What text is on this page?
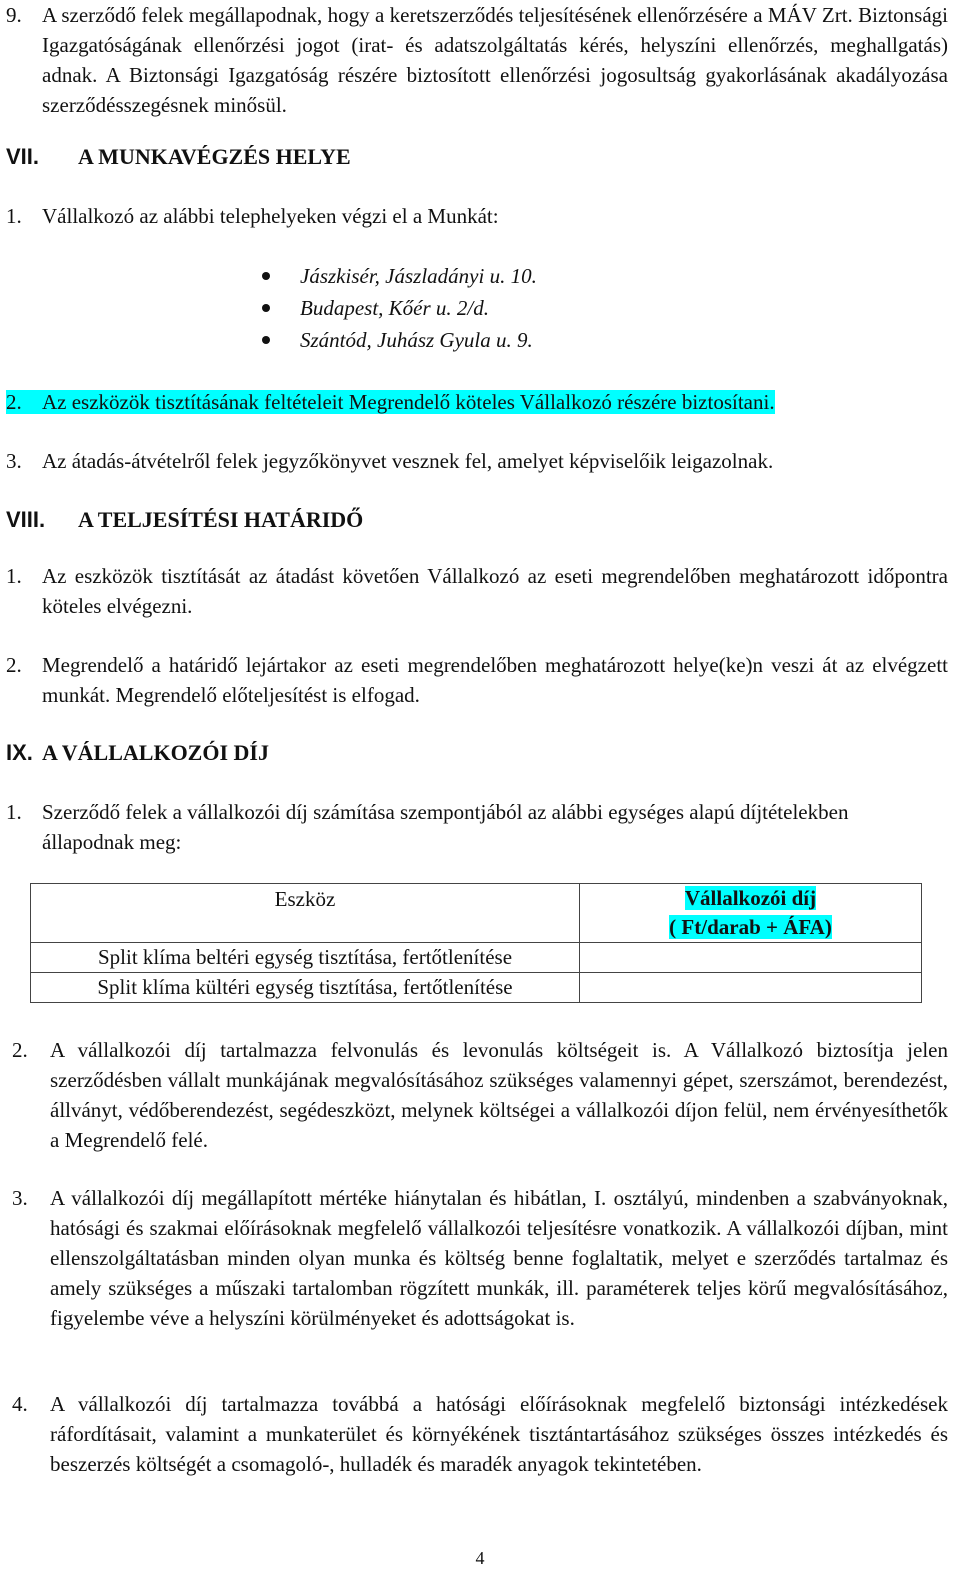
9. A szerződő felek megállapodnak, hogy a keretszerződés teljesítésének ellenőrzésére a MÁV Zrt. Biztonsági Igazgatóságának ellenőrzési jogot (irat- és adatszolgáltatás kérés, helyszíni ellenőrzés, meghallgatás) adnak. A Biztonsági Igazgatóság részére biztosított ellenőrzési jogosultság gyakorlásának akadályozása szerződésszegésnek minősül.
VII.	A MUNKAVÉGZÉS HELYE
1. Vállalkozó az alábbi telephelyeken végzi el a Munkát:
Jászkisér, Jászladányi u. 10.
Budapest, Kőér u. 2/d.
Szántód, Juhász Gyula u. 9.
2. Az eszközök tisztításának feltételeit Megrendelő köteles Vállalkozó részére biztosítani.
3. Az átadás-átvételről felek jegyzőkönyvet vesznek fel, amelyet képviselőik leigazolnak.
VIII.	A TELJESÍTÉSI HATÁRIDŐ
1. Az eszközök tisztítását az átadást követően Vállalkozó az eseti megrendelőben meghatározott időpontra köteles elvégezni.
2. Megrendelő a határidő lejártakor az eseti megrendelőben meghatározott helye(ke)n veszi át az elvégzett munkát. Megrendelő előteljesítést is elfogad.
IX. A VÁLLALKOZÓI DÍJ
1. Szerződő felek a vállalkozói díj számítása szempontjából az alábbi egységes alapú díjtételekben állapodnak meg:
Eszköz	Vállalkozói díj
( Ft/darab + ÁFA)
Split klíma beltéri egység tisztítása, fertőtlenítése	
Split klíma kültéri egység tisztítása, fertőtlenítése	
2.	A vállalkozói díj tartalmazza felvonulás és levonulás költségeit is. A Vállalkozó biztosítja jelen szerződésben vállalt munkájának megvalósításához szükséges valamennyi gépet, szerszámot, berendezést, állványt, védőberendezést, segédeszközt, melynek költségei a vállalkozói díjon felül, nem érvényesíthetők a Megrendelő felé.
3.	A vállalkozói díj megállapított mértéke hiánytalan és hibátlan, I. osztályú, mindenben a szabványoknak, hatósági és szakmai előírásoknak megfelelő vállalkozói teljesítésre vonatkozik. A vállalkozói díjban, mint ellenszolgáltatásban minden olyan munka és költség benne foglaltatik, melyet e szerződés tartalmaz és amely szükséges a műszaki tartalomban rögzített munkák, ill. paraméterek teljes körű megvalósításához, figyelembe véve a helyszíni körülményeket és adottságokat is.
4.	A vállalkozói díj tartalmazza továbbá a hatósági előírásoknak megfelelő biztonsági intézkedések ráfordításait, valamint a munkaterület és környékének tisztántartásához szükséges összes intézkedés és beszerzés költségét a csomagoló-, hulladék és maradék anyagok tekintetében.
4
